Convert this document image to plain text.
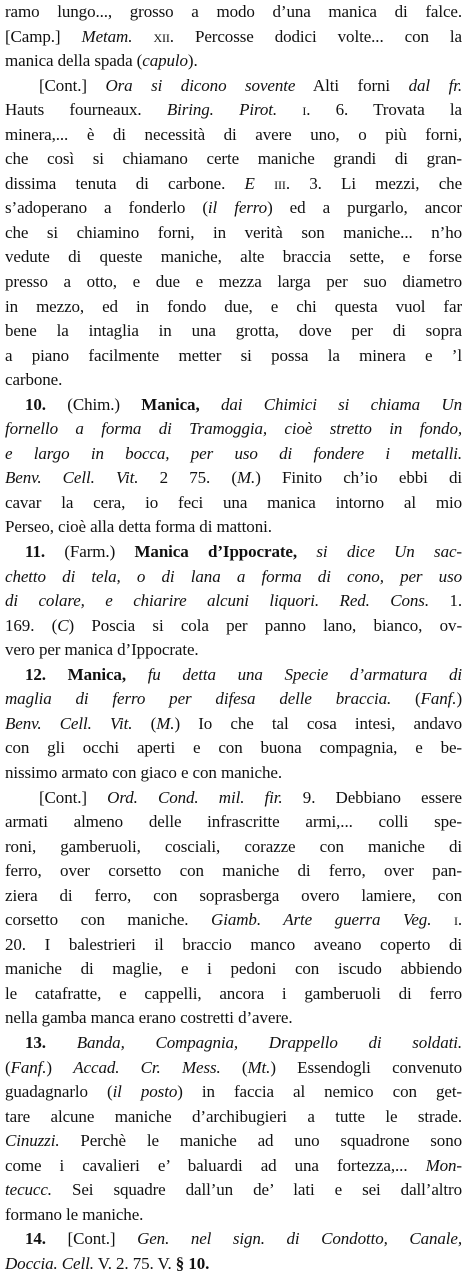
ramo lungo..., grosso a modo d’una manica di falce.
[Camp.] Metam. xii. Percosse dodici volte... con la
manica della spada (capulo).
[Cont.] Ora si dicono sovente Alti forni dal fr.
Hauts fourneaux. Biring. Pirot. i. 6. Trovata la
minera,... è di necessità di avere uno, o più forni,
che così si chiamano certe maniche grandi di gran-
dissima tenuta di carbone. E iii. 3. Li mezzi, che
s’adoperano a fonderlo (il ferro) ed a purgarlo, ancor
che si chiamino forni, in verità son maniche... n’ho
vedute di queste maniche, alte braccia sette, e forse
presso a otto, e due e mezza larga per suo diametro
in mezzo, ed in fondo due, e chi questa vuol far
bene la intaglia in una grotta, dove per di sopra
a piano facilmente metter si possa la minera e ’l
carbone.
10. (Chim.) Manica, dai Chimici si chiama Un
fornello a forma di Tramoggia, cioè stretto in fondo,
e largo in bocca, per uso di fondere i metalli.
Benv. Cell. Vit. 2 75. (M.) Finito ch’io ebbi di
cavar la cera, io feci una manica intorno al mio
Perseo, cioè alla detta forma di mattoni.
11. (Farm.) Manica d’Ippocrate, si dice Un sac-
chetto di tela, o di lana a forma di cono, per uso
di colare, e chiarire alcuni liquori. Red. Cons. 1.
169. (C) Poscia si cola per panno lano, bianco, ov-
vero per manica d’Ippocrate.
12. Manica, fu detta una Specie d’armatura di
maglia di ferro per difesa delle braccia. (Fanf.)
Benv. Cell. Vit. (M.) Io che tal cosa intesi, andavo
con gli occhi aperti e con buona compagnia, e be-
nissimo armato con giaco e con maniche.
[Cont.] Ord. Cond. mil. fir. 9. Debbiano essere
armati almeno delle infrascritte armi,... colli spe-
roni, gamberuoli, cosciali, corazze con maniche di
ferro, over corsetto con maniche di ferro, over pan-
ziera di ferro, con soprasberga overo lamiere, con
corsetto con maniche. Giamb. Arte guerra Veg. i.
20. I balestrieri il braccio manco aveano coperto di
maniche di maglie, e i pedoni con iscudo abbiendo
le catafratte, e cappelli, ancora i gamberuoli di ferro
nella gamba manca erano costretti d’avere.
13. Banda, Compagnia, Drappello di soldati.
(Fanf.) Accad. Cr. Mess. (Mt.) Essendogli convenuto
guadagnarlo (il posto) in faccia al nemico con get-
tare alcune maniche d’archibugieri a tutte le strade.
Cinuzzi. Perchè le maniche ad uno squadrone sono
come i cavalieri e’ baluardi ad una fortezza,... Mon-
tecucc. Sei squadre dall’un de’ lati e sei dall’altro
formano le maniche.
14. [Cont.] Gen. nel sign. di Condotto, Canale,
Doccia. Cell. V. 2. 75. V. § 10.
